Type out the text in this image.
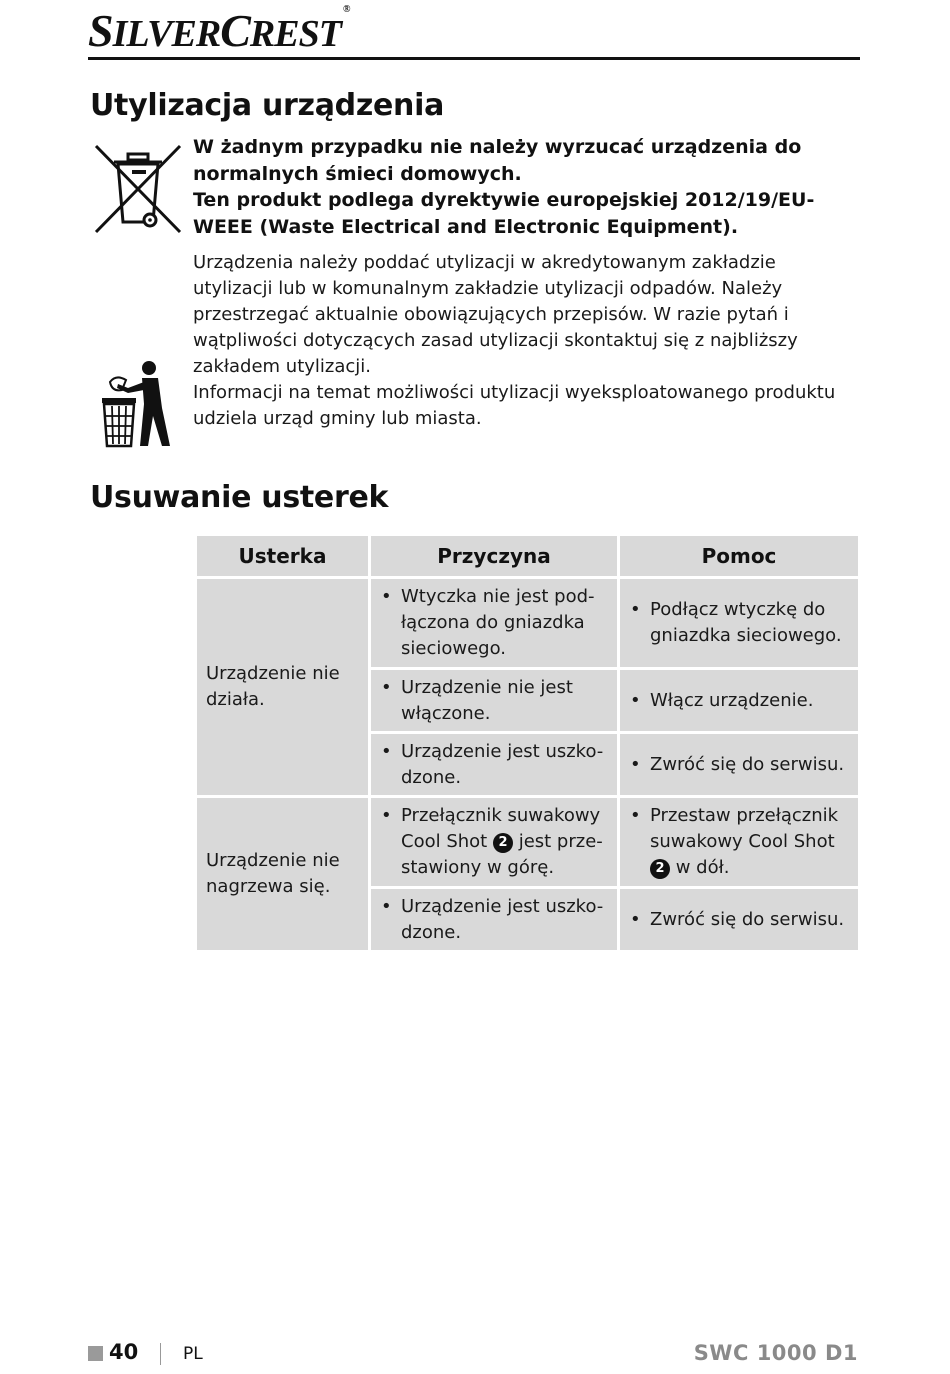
SILVERCREST®
Utylizacja urządzenia

W żadnym przypadku nie należy wyrzucać urządzenia do normalnych śmieci domowych.

Ten produkt podlega dyrektywie europejskiej 2012/19/EU-WEEE (Waste Electrical and Electronic Equipment).

Urządzenia należy poddać utylizacji w akredytowanym zakładzie utylizacji lub w komunalnym zakładzie utylizacji odpadów. Należy przestrzegać aktualnie obowiązujących przepisów. W razie pytań i wątpliwości dotyczących zasad utylizacji skontaktuj się z najbliższy zakładem utylizacji.

Informacji na temat możliwości utylizacji wyeksploatowanego produktu udziela urząd gminy lub miasta.

Usuwanie usterek
Usterka	Przyczyna	Pomoc
Urządzenie nie działa.	• Wtyczka nie jest pod-łączona do gniazdka sieciowego.	• Podłącz wtyczkę do gniazdka sieciowego.

	• Urządzenie nie jest włączone.	• Włącz urządzenie.

	• Urządzenie jest uszko-dzone.	• Zwróć się do serwisu.

Urządzenie nie nagrzewa się.	• Przełącznik suwakowy Cool Shot 2 jest prze-stawiony w górę.	• Przestaw przełącznik suwakowy Cool Shot 2 w dół.

	• Urządzenie jest uszko-dzone.	• Zwróć się do serwisu.
40	PL	SWC 1000 D1
